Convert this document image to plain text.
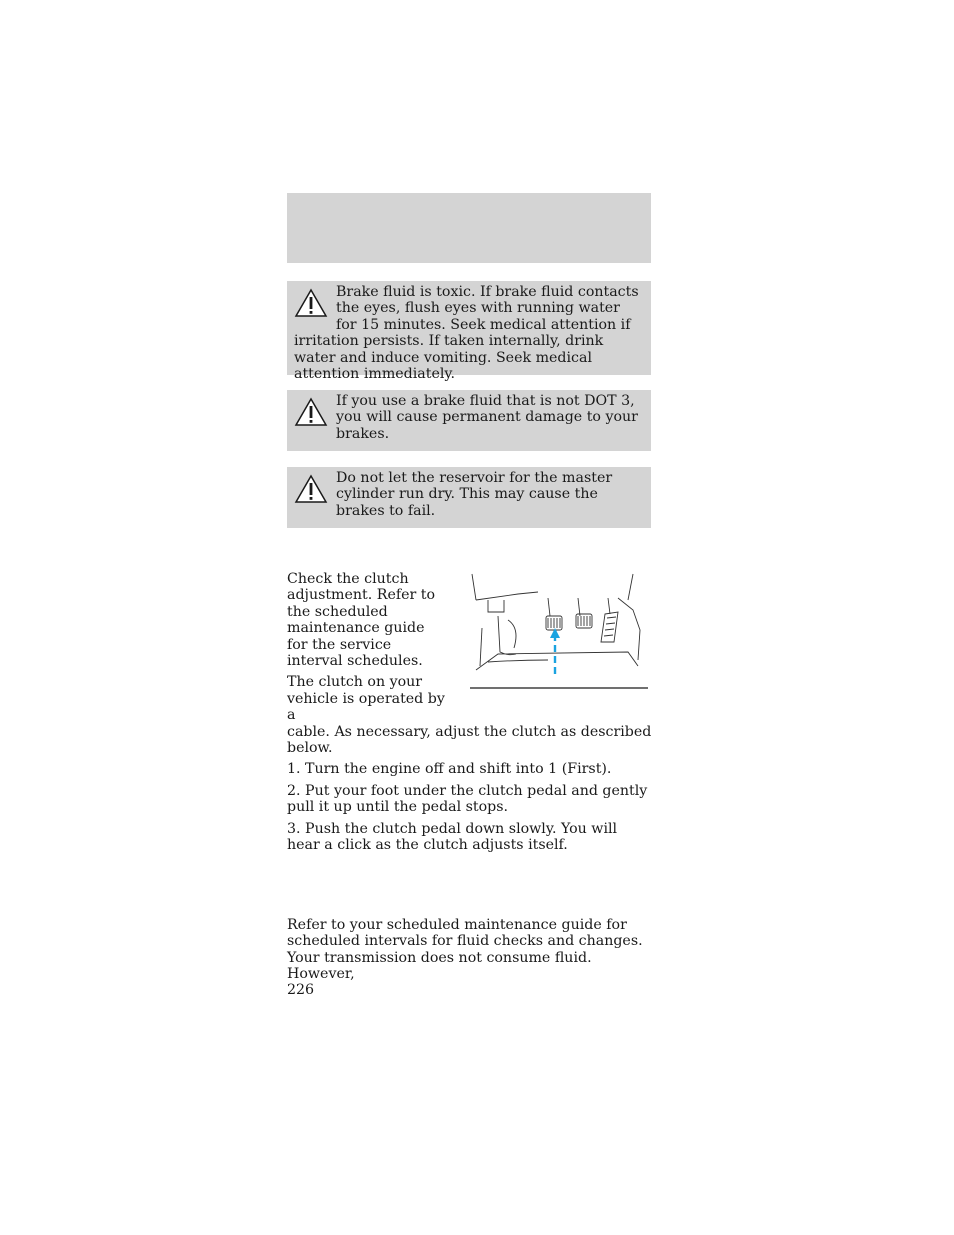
Brake fluid is toxic. If brake fluid contacts the eyes, flush eyes with running water for 15 minutes. Seek medical attention if irritation persists. If taken internally, drink water and induce vomiting. Seek medical attention immediately.
If you use a brake fluid that is not DOT 3, you will cause permanent damage to your brakes.
Do not let the reservoir for the master cylinder run dry. This may cause the brakes to fail.

Check the clutch adjustment. Refer to the scheduled maintenance guide for the service interval schedules.

The clutch on your vehicle is operated by a

cable. As necessary, adjust the clutch as described below.

1. Turn the engine off and shift into 1 (First).

2. Put your foot under the clutch pedal and gently pull it up until the pedal stops.

3. Push the clutch pedal down slowly. You will hear a click as the clutch adjusts itself.

Refer to your scheduled maintenance guide for scheduled intervals for fluid checks and changes. Your transmission does not consume fluid. However,

226
